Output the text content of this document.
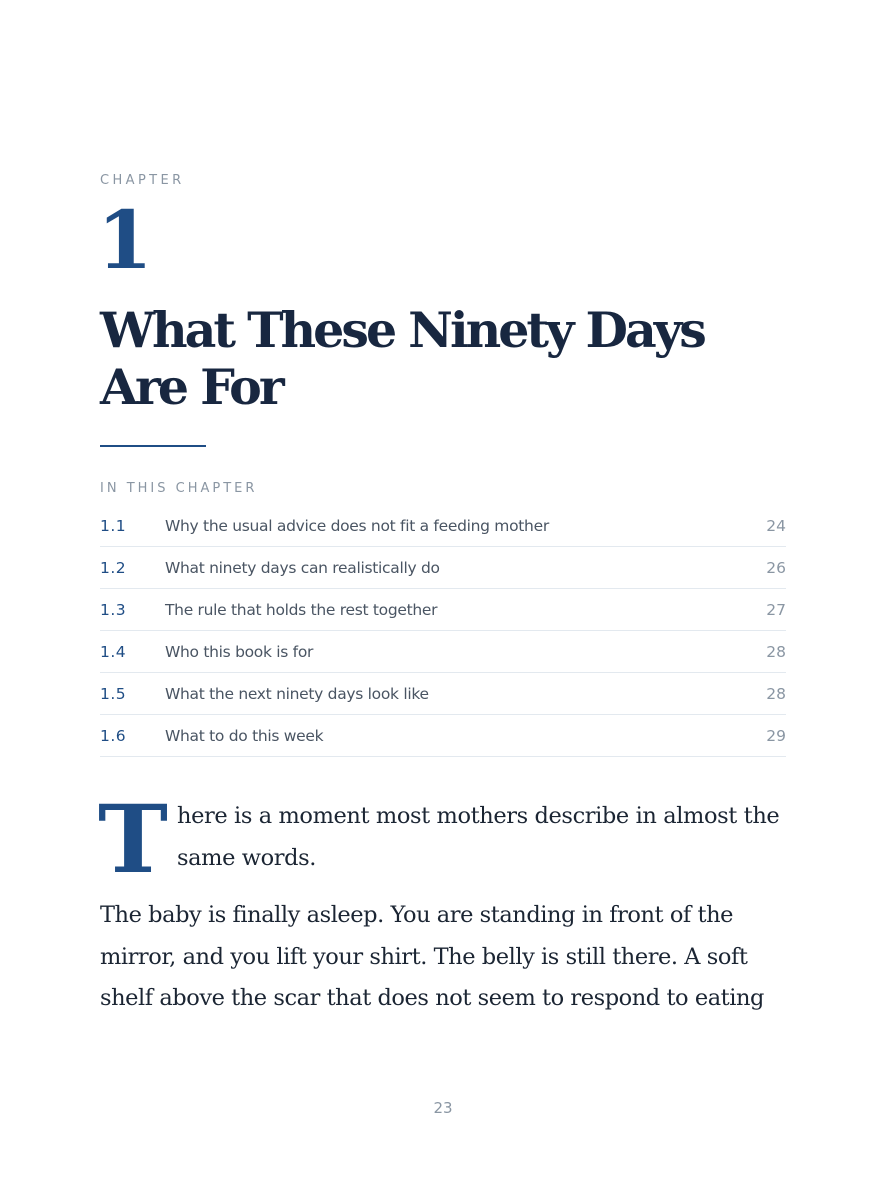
CHAPTER
1
What These Ninety Days Are For
IN THIS CHAPTER
1.1	Why the usual advice does not fit a feeding mother	24
1.2	What ninety days can realistically do	26
1.3	The rule that holds the rest together	27
1.4	Who this book is for	28
1.5	What the next ninety days look like	28
1.6	What to do this week	29
T here is a moment most mothers describe in almost the same words.

The baby is finally asleep. You are standing in front of the mirror, and you lift your shirt. The belly is still there. A soft shelf above the scar that does not seem to respond to eating

23
